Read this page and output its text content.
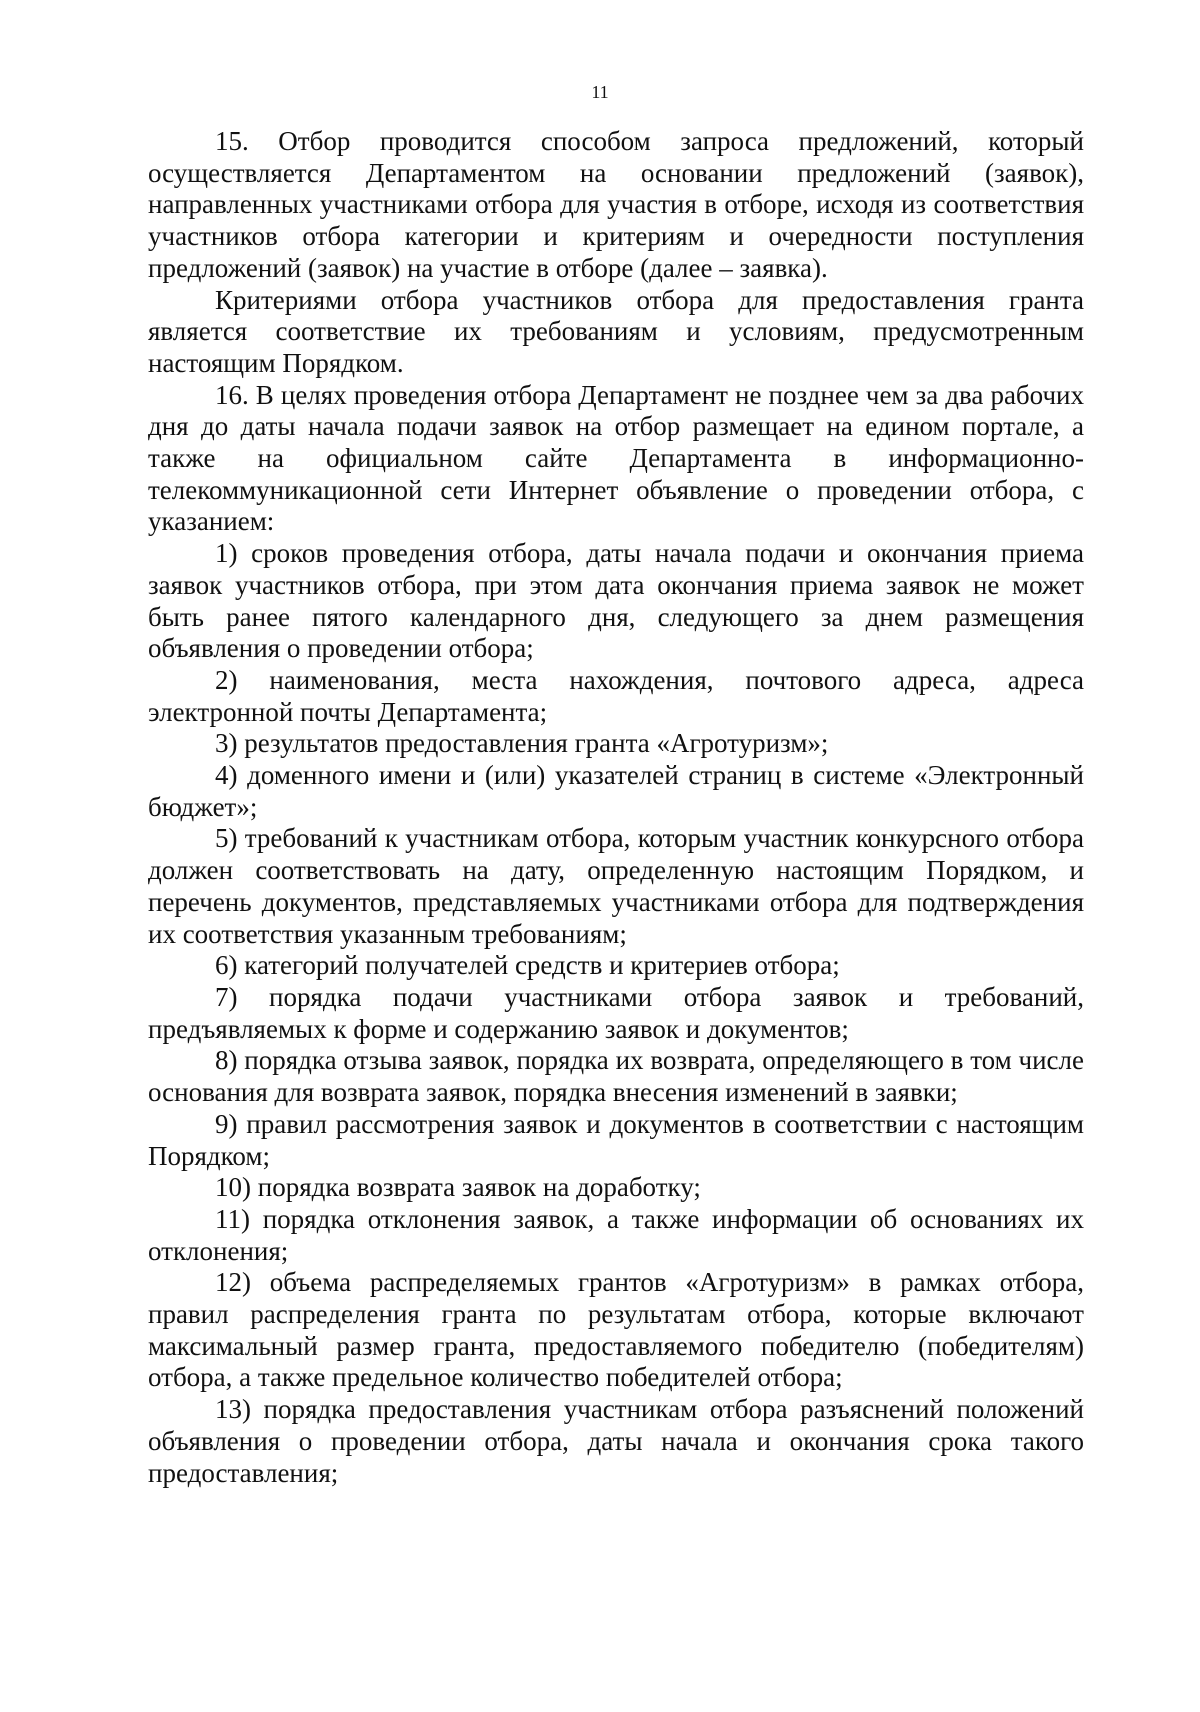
11

15. Отбор проводится способом запроса предложений, который осуществляется Департаментом на основании предложений (заявок), направленных участниками отбора для участия в отборе, исходя из соответствия участников отбора категории и критериям и очередности поступления предложений (заявок) на участие в отборе (далее – заявка).

Критериями отбора участников отбора для предоставления гранта является соответствие их требованиям и условиям, предусмотренным настоящим Порядком.

16. В целях проведения отбора Департамент не позднее чем за два рабочих дня до даты начала подачи заявок на отбор размещает на едином портале, а также на официальном сайте Департамента в информационно-телекоммуникационной сети Интернет объявление о проведении отбора, с указанием:

1) сроков проведения отбора, даты начала подачи и окончания приема заявок участников отбора, при этом дата окончания приема заявок не может быть ранее пятого календарного дня, следующего за днем размещения объявления о проведении отбора;

2) наименования, места нахождения, почтового адреса, адреса электронной почты Департамента;

3) результатов предоставления гранта «Агротуризм»;

4) доменного имени и (или) указателей страниц в системе «Электронный бюджет»;

5) требований к участникам отбора, которым участник конкурсного отбора должен соответствовать на дату, определенную настоящим Порядком, и перечень документов, представляемых участниками отбора для подтверждения их соответствия указанным требованиям;

6) категорий получателей средств и критериев отбора;

7) порядка подачи участниками отбора заявок и требований, предъявляемых к форме и содержанию заявок и документов;

8) порядка отзыва заявок, порядка их возврата, определяющего в том числе основания для возврата заявок, порядка внесения изменений в заявки;

9) правил рассмотрения заявок и документов в соответствии с настоящим Порядком;

10) порядка возврата заявок на доработку;

11) порядка отклонения заявок, а также информации об основаниях их отклонения;

12) объема распределяемых грантов «Агротуризм» в рамках отбора, правил распределения гранта по результатам отбора, которые включают максимальный размер гранта, предоставляемого победителю (победителям) отбора, а также предельное количество победителей отбора;

13) порядка предоставления участникам отбора разъяснений положений объявления о проведении отбора, даты начала и окончания срока такого предоставления;
